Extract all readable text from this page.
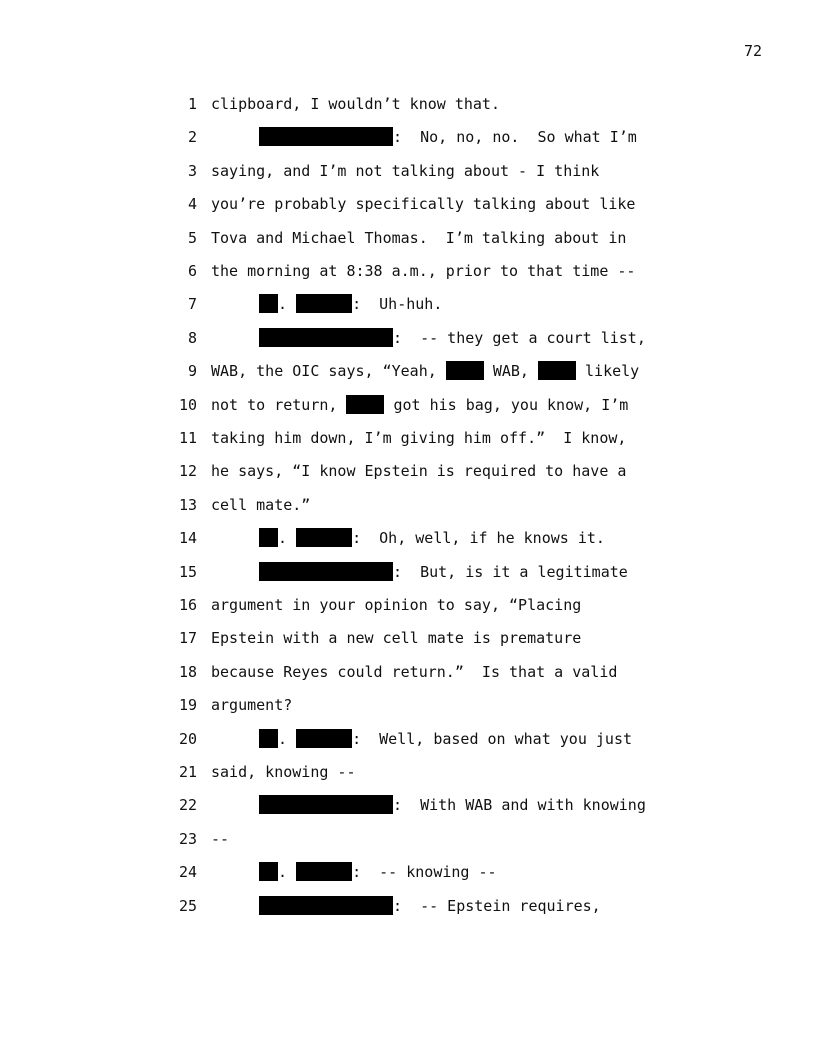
72
1 clipboard, I wouldn’t know that.
2	:  No, no, no.  So what I’m
3 saying, and I’m not talking about - I think
4 you’re probably specifically talking about like
5 Tova and Michael Thomas.  I’m talking about in
6 the morning at 8:38 a.m., prior to that time --
7	.	:  Uh-huh.
8	:  -- they get a court list,
9 WAB, the OIC says, “Yeah,	WAB,	likely
10 not to return,	got his bag, you know, I’m
11 taking him down, I’m giving him off.”  I know,
12 he says, “I know Epstein is required to have a
13 cell mate.”
14	.	:  Oh, well, if he knows it.
15	:  But, is it a legitimate
16 argument in your opinion to say, “Placing
17 Epstein with a new cell mate is premature
18 because Reyes could return.”  Is that a valid
19 argument?
20	.	:  Well, based on what you just
21 said, knowing --
22	:  With WAB and with knowing
23 --
24	.	:  -- knowing --
25	:  -- Epstein requires,
